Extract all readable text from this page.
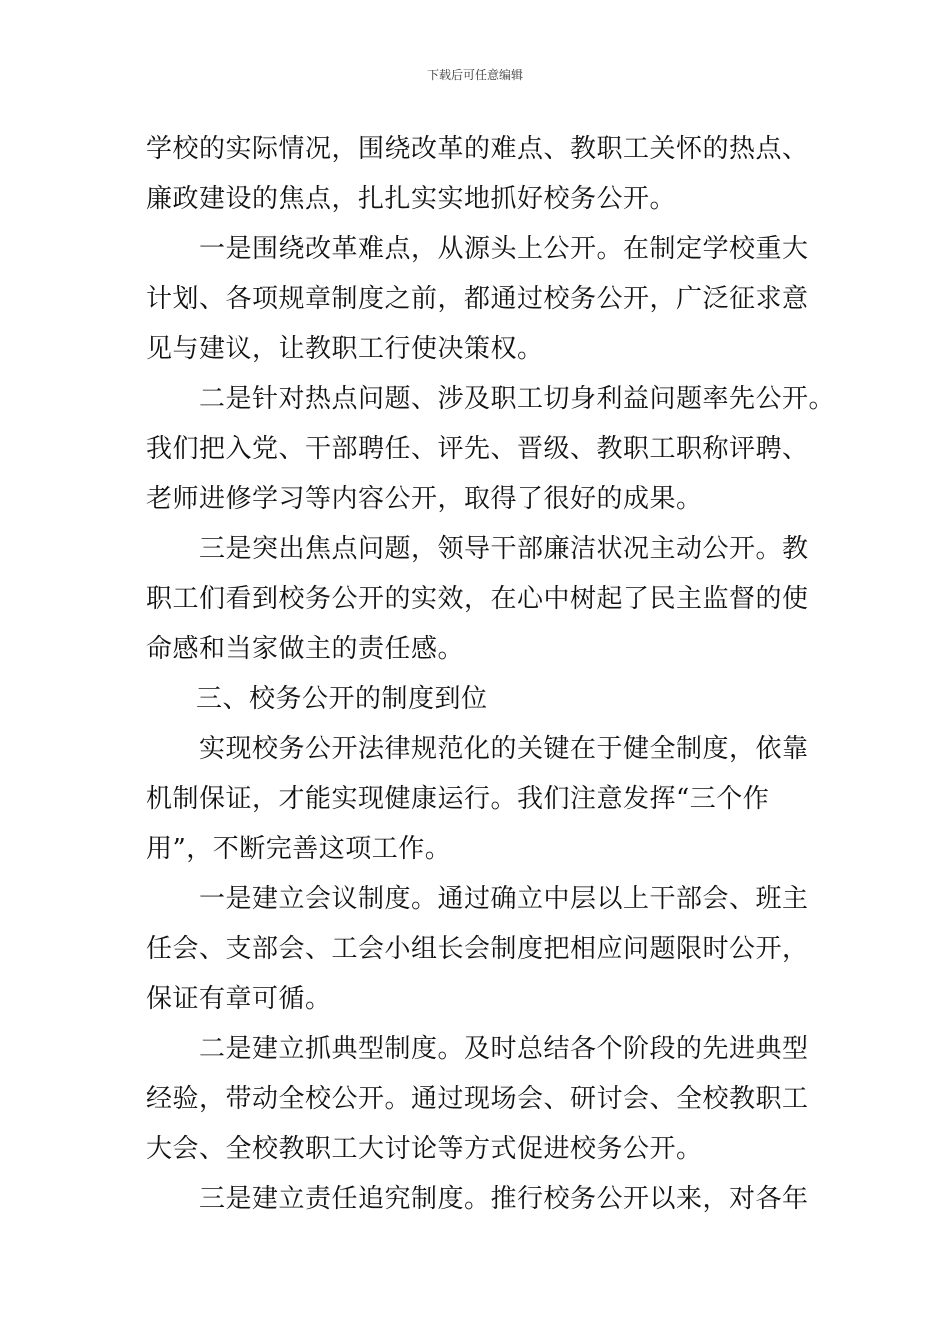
下载后可任意编辑
学校的实际情况，围绕改革的难点、教职工关怀的热点、
廉政建设的焦点，扎扎实实地抓好校务公开。
一是围绕改革难点，从源头上公开。在制定学校重大
计划、各项规章制度之前，都通过校务公开，广泛征求意
见与建议，让教职工行使决策权。
二是针对热点问题、涉及职工切身利益问题率先公开。
我们把入党、干部聘任、评先、晋级、教职工职称评聘、
老师进修学习等内容公开，取得了很好的成果。
三是突出焦点问题，领导干部廉洁状况主动公开。教
职工们看到校务公开的实效，在心中树起了民主监督的使
命感和当家做主的责任感。
三、校务公开的制度到位
实现校务公开法律规范化的关键在于健全制度，依靠
机制保证，才能实现健康运行。我们注意发挥“三个作
用”，不断完善这项工作。
一是建立会议制度。通过确立中层以上干部会、班主
任会、支部会、工会小组长会制度把相应问题限时公开，
保证有章可循。
二是建立抓典型制度。及时总结各个阶段的先进典型
经验，带动全校公开。通过现场会、研讨会、全校教职工
大会、全校教职工大讨论等方式促进校务公开。
三是建立责任追究制度。推行校务公开以来，对各年
